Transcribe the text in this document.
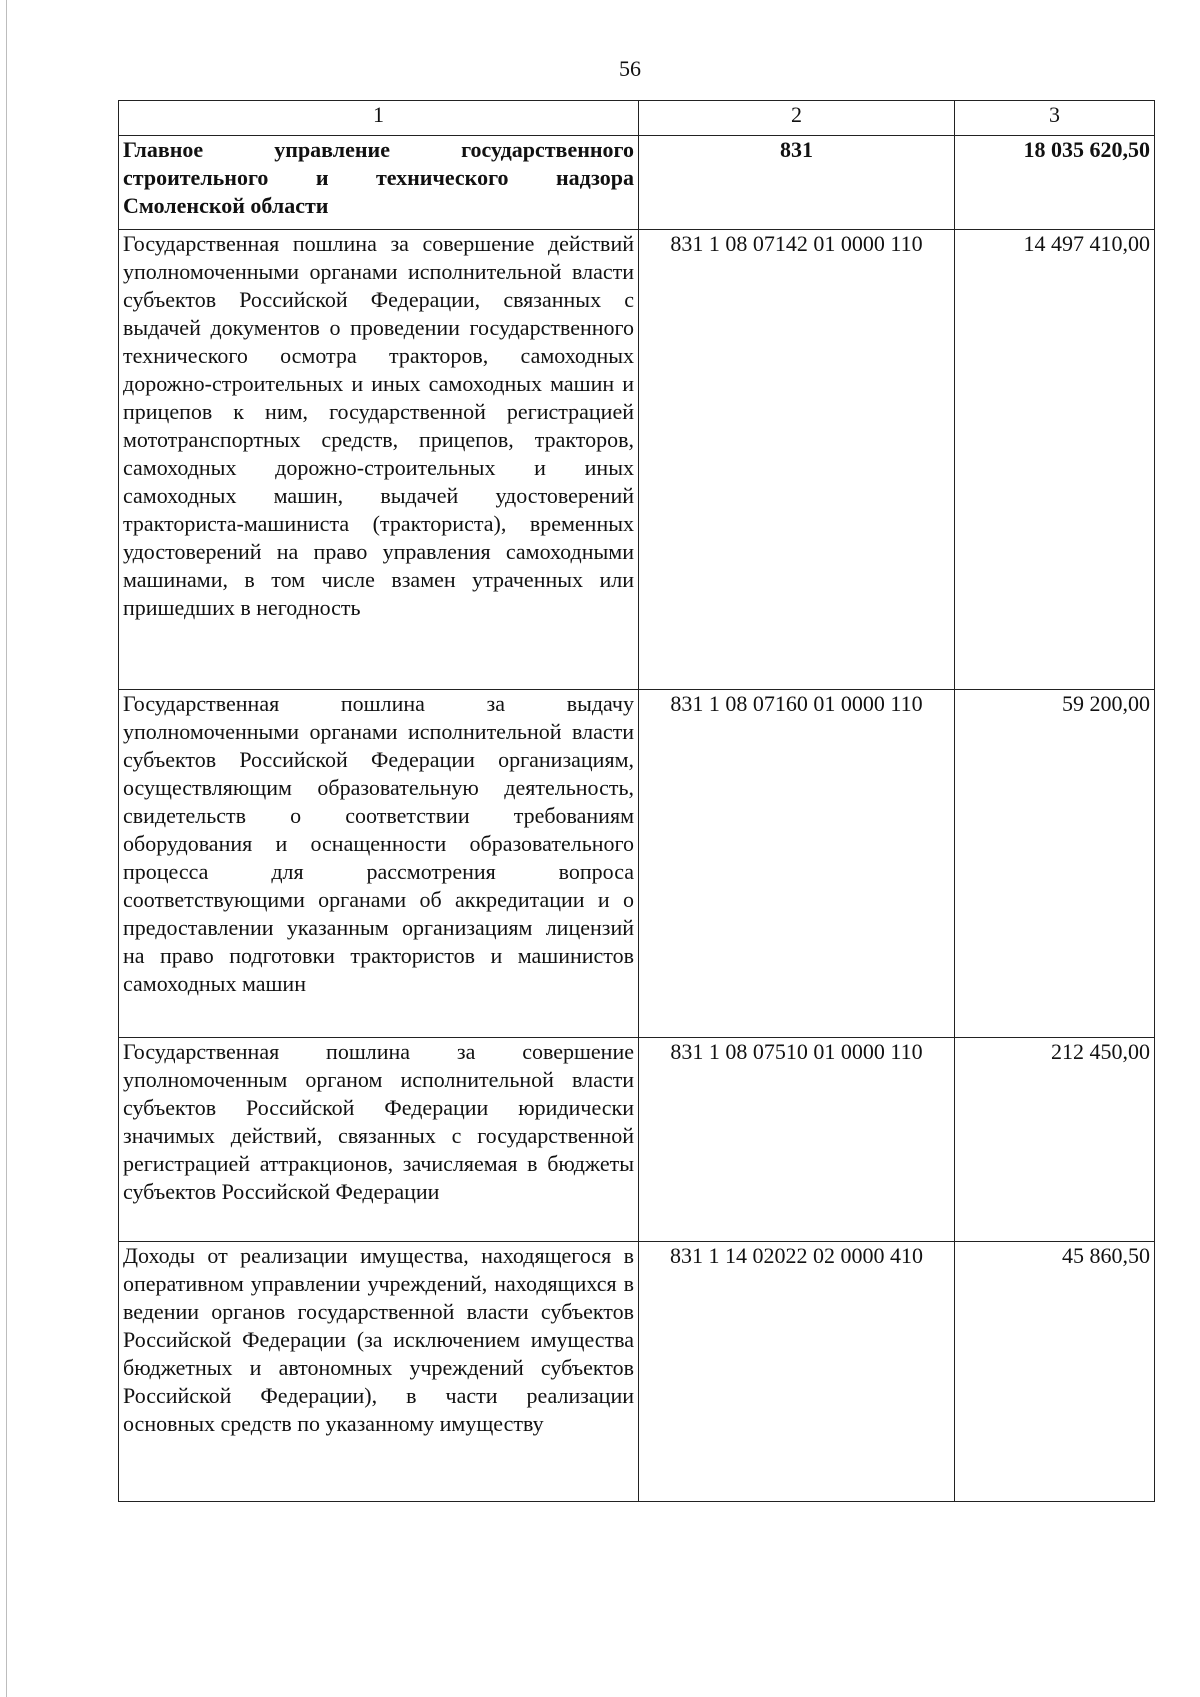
56
1	2	3
Главное управление государственного строительного и технического надзора Смоленской области	831	18 035 620,50
Государственная пошлина за совершение действий уполномоченными органами исполнительной власти субъектов Российской Федерации, связанных с выдачей документов о проведении государственного технического осмотра тракторов, самоходных дорожно-строительных и иных самоходных машин и прицепов к ним, государственной регистрацией мототранспортных средств, прицепов, тракторов, самоходных дорожно-строительных и иных самоходных машин, выдачей удостоверений тракториста-машиниста (тракториста), временных удостоверений на право управления самоходными машинами, в том числе взамен утраченных или пришедших в негодность	831 1 08 07142 01 0000 110	14 497 410,00
Государственная пошлина за выдачу уполномоченными органами исполнительной власти субъектов Российской Федерации организациям, осуществляющим образовательную деятельность, свидетельств о соответствии требованиям оборудования и оснащенности образовательного процесса для рассмотрения вопроса соответствующими органами об аккредитации и о предоставлении указанным организациям лицензий на право подготовки трактористов и машинистов самоходных машин	831 1 08 07160 01 0000 110	59 200,00
Государственная пошлина за совершение уполномоченным органом исполнительной власти субъектов Российской Федерации юридически значимых действий, связанных с государственной регистрацией аттракционов, зачисляемая в бюджеты субъектов Российской Федерации	831 1 08 07510 01 0000 110	212 450,00
Доходы от реализации имущества, находящегося в оперативном управлении учреждений, находящихся в ведении органов государственной власти субъектов Российской Федерации (за исключением имущества бюджетных и автономных учреждений субъектов Российской Федерации), в части реализации основных средств по указанному имуществу	831 1 14 02022 02 0000 410	45 860,50
